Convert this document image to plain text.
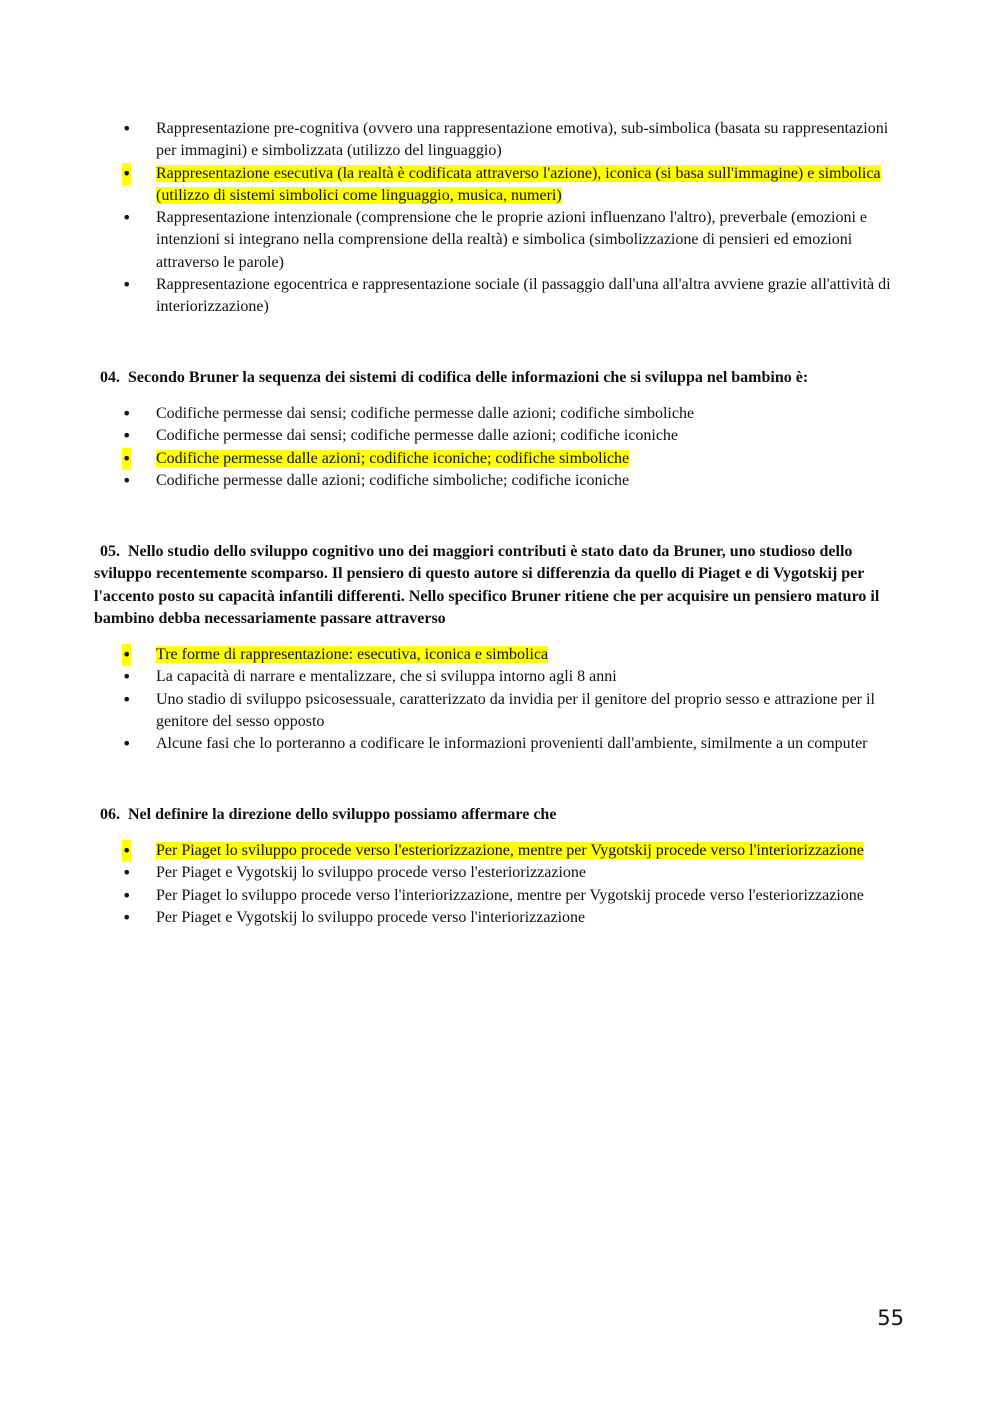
• Rappresentazione pre-cognitiva (ovvero una rappresentazione emotiva), sub-simbolica (basata su rappresentazioni per immagini) e simbolizzata (utilizzo del linguaggio)
• Rappresentazione esecutiva (la realtà è codificata attraverso l'azione), iconica (si basa sull'immagine) e simbolica (utilizzo di sistemi simbolici come linguaggio, musica, numeri)
• Rappresentazione intenzionale (comprensione che le proprie azioni influenzano l'altro), preverbale (emozioni e intenzioni si integrano nella comprensione della realtà) e simbolica (simbolizzazione di pensieri ed emozioni attraverso le parole)
• Rappresentazione egocentrica e rappresentazione sociale (il passaggio dall'una all'altra avviene grazie all'attività di interiorizzazione)
04. Secondo Bruner la sequenza dei sistemi di codifica delle informazioni che si sviluppa nel bambino è:
• Codifiche permesse dai sensi; codifiche permesse dalle azioni; codifiche simboliche
• Codifiche permesse dai sensi; codifiche permesse dalle azioni; codifiche iconiche
• Codifiche permesse dalle azioni; codifiche iconiche; codifiche simboliche
• Codifiche permesse dalle azioni; codifiche simboliche; codifiche iconiche
05. Nello studio dello sviluppo cognitivo uno dei maggiori contributi è stato dato da Bruner, uno studioso dello sviluppo recentemente scomparso. Il pensiero di questo autore si differenzia da quello di Piaget e di Vygotskij per l'accento posto su capacità infantili differenti. Nello specifico Bruner ritiene che per acquisire un pensiero maturo il bambino debba necessariamente passare attraverso
• Tre forme di rappresentazione: esecutiva, iconica e simbolica
• La capacità di narrare e mentalizzare, che si sviluppa intorno agli 8 anni
• Uno stadio di sviluppo psicosessuale, caratterizzato da invidia per il genitore del proprio sesso e attrazione per il genitore del sesso opposto
• Alcune fasi che lo porteranno a codificare le informazioni provenienti dall'ambiente, similmente a un computer
06. Nel definire la direzione dello sviluppo possiamo affermare che
• Per Piaget lo sviluppo procede verso l'esteriorizzazione, mentre per Vygotskij procede verso l'interiorizzazione
• Per Piaget e Vygotskij lo sviluppo procede verso l'esteriorizzazione
• Per Piaget lo sviluppo procede verso l'interiorizzazione, mentre per Vygotskij procede verso l'esteriorizzazione
• Per Piaget e Vygotskij lo sviluppo procede verso l'interiorizzazione
55
